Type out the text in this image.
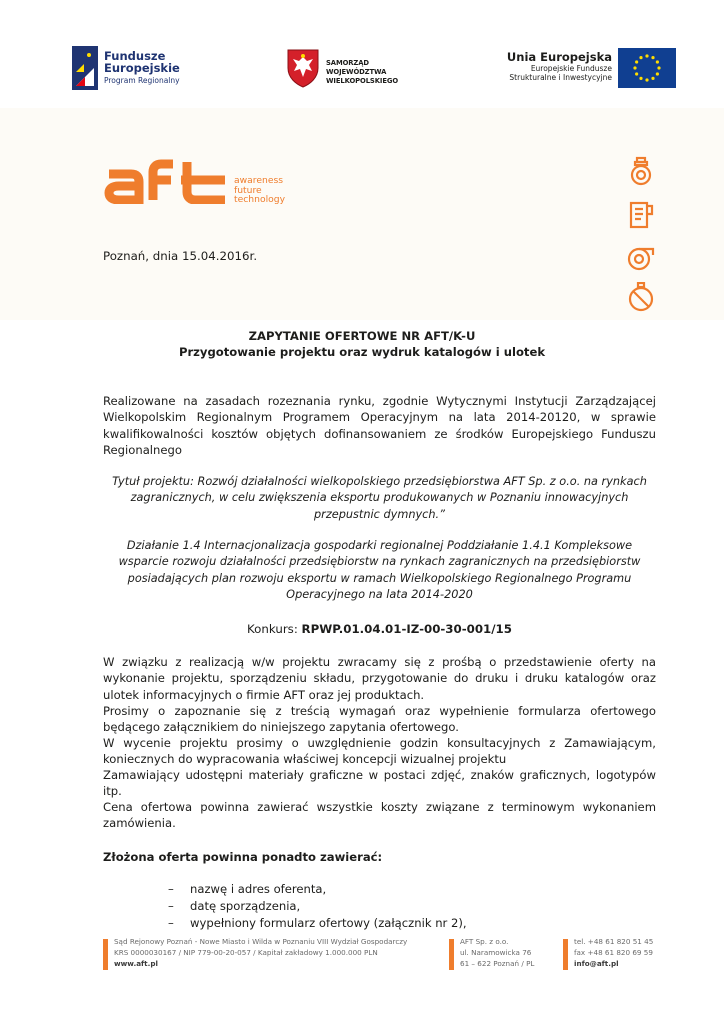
Fundusze
Europejskie
Program Regionalny
SAMORZĄD WOJEWÓDZTWA
WIELKOPOLSKIEGO
Unia Europejska
Europejskie Fundusze
Strukturalne i Inwestycyjne
awareness
future
technology
Poznań, dnia 15.04.2016r.
ZAPYTANIE OFERTOWE NR AFT/K-U
Przygotowanie projektu oraz wydruk katalogów i ulotek

Realizowane na zasadach rozeznania rynku, zgodnie Wytycznymi Instytucji Zarządzającej Wielkopolskim Regionalnym Programem Operacyjnym na lata 2014-20120, w sprawie kwalifikowalności kosztów objętych dofinansowaniem ze środków Europejskiego Funduszu Regionalnego

Tytuł projektu: Rozwój działalności wielkopolskiego przedsiębiorstwa AFT Sp. z o.o. na rynkach zagranicznych, w celu zwiększenia eksportu produkowanych w Poznaniu innowacyjnych przepustnic dymnych.”

Działanie 1.4 Internacjonalizacja gospodarki regionalnej Poddziałanie 1.4.1 Kompleksowe wsparcie rozwoju działalności przedsiębiorstw na rynkach zagranicznych na przedsiębiorstw posiadających plan rozwoju eksportu w ramach Wielkopolskiego Regionalnego Programu Operacyjnego na lata 2014-2020

Konkurs: RPWP.01.04.01-IZ-00-30-001/15

W związku z realizacją w/w projektu zwracamy się z prośbą o przedstawienie oferty na wykonanie projektu, sporządzeniu składu, przygotowanie do druku i druku katalogów oraz ulotek informacyjnych o firmie AFT oraz jej produktach.

Prosimy o zapoznanie się z treścią wymagań oraz wypełnienie formularza ofertowego będącego załącznikiem do niniejszego zapytania ofertowego.

W wycenie projektu prosimy o uwzględnienie godzin konsultacyjnych z Zamawiającym, koniecznych do wypracowania właściwej koncepcji wizualnej projektu

Zamawiający udostępni materiały graficzne w postaci zdjęć, znaków graficznych, logotypów itp.

Cena ofertowa powinna zawierać wszystkie koszty związane z terminowym wykonaniem zamówienia.

Złożona oferta powinna ponadto zawierać:
–	nazwę i adres oferenta,
–	datę sporządzenia,
–	wypełniony formularz ofertowy (załącznik nr 2),
Sąd Rejonowy Poznań - Nowe Miasto i Wilda w Poznaniu VIII Wydział Gospodarczy
KRS 0000030167 / NIP 779-00-20-057 / Kapitał zakładowy 1.000.000 PLN
www.aft.pl
AFT Sp. z o.o.
ul. Naramowicka 76
61 – 622 Poznań / PL
tel. +48 61 820 51 45
fax +48 61 820 69 59
info@aft.pl
